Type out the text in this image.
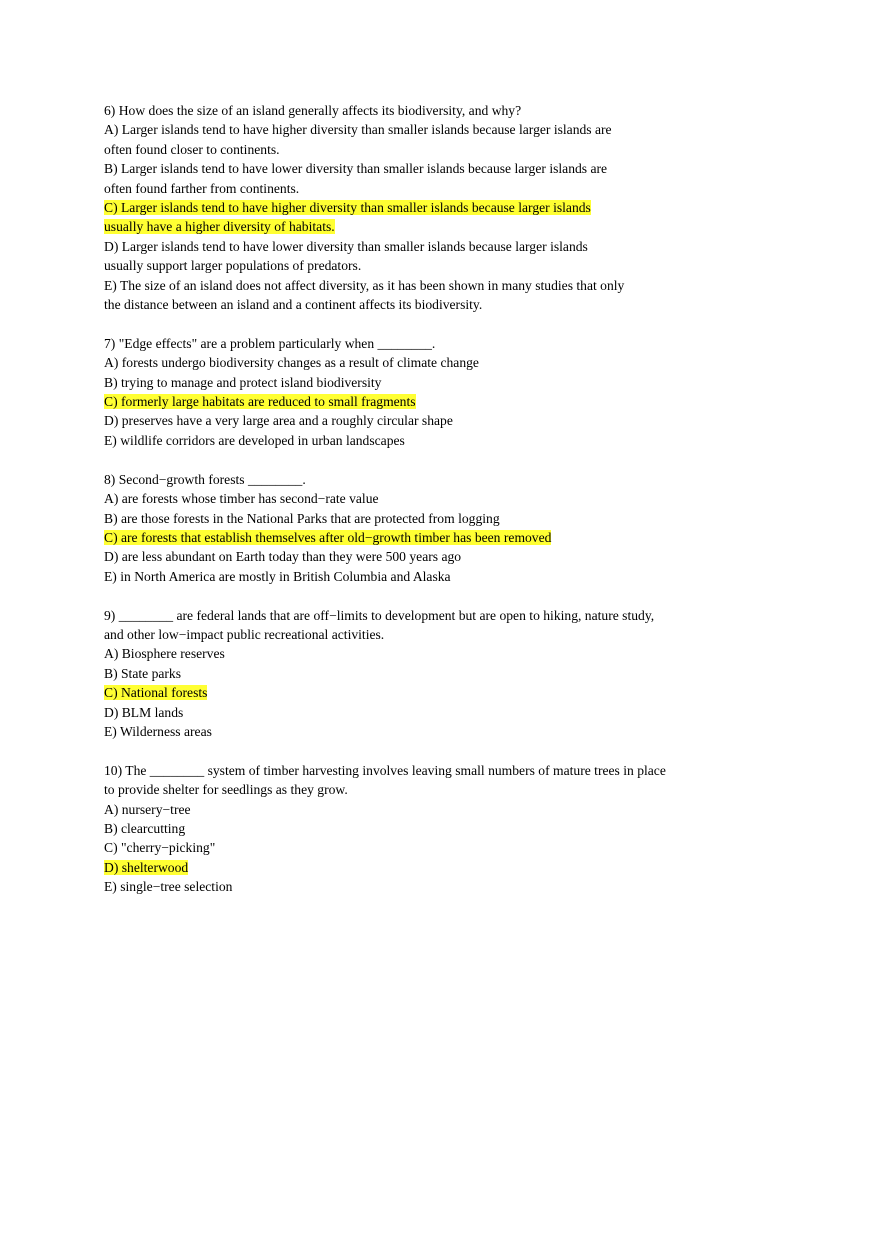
6) How does the size of an island generally affects its biodiversity, and why?
A) Larger islands tend to have higher diversity than smaller islands because larger islands are
often found closer to continents.
B) Larger islands tend to have lower diversity than smaller islands because larger islands are
often found farther from continents.
C) Larger islands tend to have higher diversity than smaller islands because larger islands
usually have a higher diversity of habitats.
D) Larger islands tend to have lower diversity than smaller islands because larger islands
usually support larger populations of predators.
E) The size of an island does not affect diversity, as it has been shown in many studies that only
the distance between an island and a continent affects its biodiversity.
7) "Edge effects" are a problem particularly when ________.
A) forests undergo biodiversity changes as a result of climate change
B) trying to manage and protect island biodiversity
C) formerly large habitats are reduced to small fragments
D) preserves have a very large area and a roughly circular shape
E) wildlife corridors are developed in urban landscapes
8) Second−growth forests ________.
A) are forests whose timber has second−rate value
B) are those forests in the National Parks that are protected from logging
C) are forests that establish themselves after old−growth timber has been removed
D) are less abundant on Earth today than they were 500 years ago
E) in North America are mostly in British Columbia and Alaska
9) ________ are federal lands that are off−limits to development but are open to hiking, nature study,
and other low−impact public recreational activities.
A) Biosphere reserves
B) State parks
C) National forests
D) BLM lands
E) Wilderness areas
10) The ________ system of timber harvesting involves leaving small numbers of mature trees in place
to provide shelter for seedlings as they grow.
A) nursery−tree
B) clearcutting
C) "cherry−picking"
D) shelterwood
E) single−tree selection
